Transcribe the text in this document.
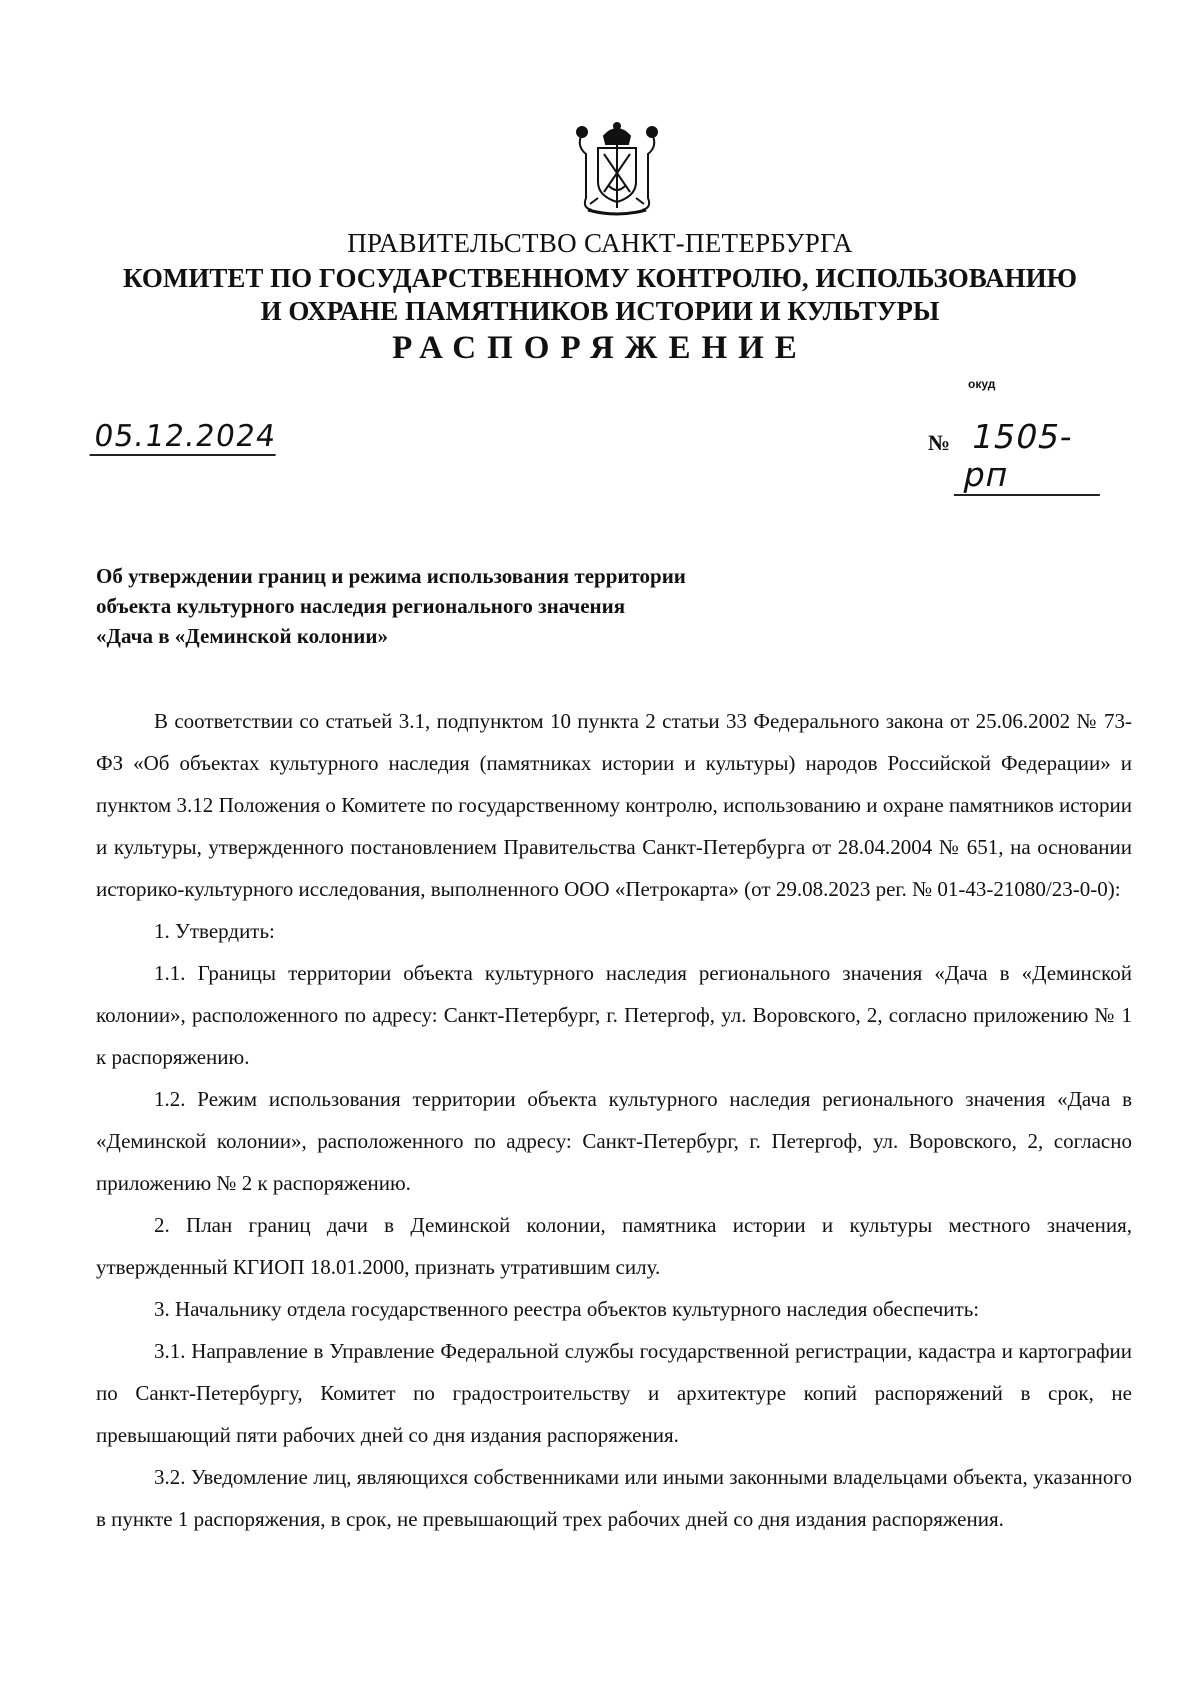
ПРАВИТЕЛЬСТВО САНКТ-ПЕТЕРБУРГА
КОМИТЕТ ПО ГОСУДАРСТВЕННОМУ КОНТРОЛЮ, ИСПОЛЬЗОВАНИЮ
И ОХРАНЕ ПАМЯТНИКОВ ИСТОРИИ И КУЛЬТУРЫ
РАСПОРЯЖЕНИЕ
окуд
05.12.2024	№ 1505-рп
Об утверждении границ и режима использования территории
объекта культурного наследия регионального значения
«Дача в «Деминской колонии»

В соответствии со статьей 3.1, подпунктом 10 пункта 2 статьи 33 Федерального закона от 25.06.2002 № 73-ФЗ «Об объектах культурного наследия (памятниках истории и культуры) народов Российской Федерации» и пунктом 3.12 Положения о Комитете по государственному контролю, использованию и охране памятников истории и культуры, утвержденного постановлением Правительства Санкт-Петербурга от 28.04.2004 № 651, на основании историко-культурного исследования, выполненного ООО «Петрокарта» (от 29.08.2023 рег. № 01-43-21080/23-0-0):

1. Утвердить:

1.1. Границы территории объекта культурного наследия регионального значения «Дача в «Деминской колонии», расположенного по адресу: Санкт-Петербург, г. Петергоф, ул. Воровского, 2, согласно приложению № 1 к распоряжению.

1.2. Режим использования территории объекта культурного наследия регионального значения «Дача в «Деминской колонии», расположенного по адресу: Санкт-Петербург, г. Петергоф, ул. Воровского, 2, согласно приложению № 2 к распоряжению.

2. План границ дачи в Деминской колонии, памятника истории и культуры местного значения, утвержденный КГИОП 18.01.2000, признать утратившим силу.

3. Начальнику отдела государственного реестра объектов культурного наследия обеспечить:

3.1. Направление в Управление Федеральной службы государственной регистрации, кадастра и картографии по Санкт-Петербургу, Комитет по градостроительству и архитектуре копий распоряжений в срок, не превышающий пяти рабочих дней со дня издания распоряжения.

3.2. Уведомление лиц, являющихся собственниками или иными законными владельцами объекта, указанного в пункте 1 распоряжения, в срок, не превышающий трех рабочих дней со дня издания распоряжения.
